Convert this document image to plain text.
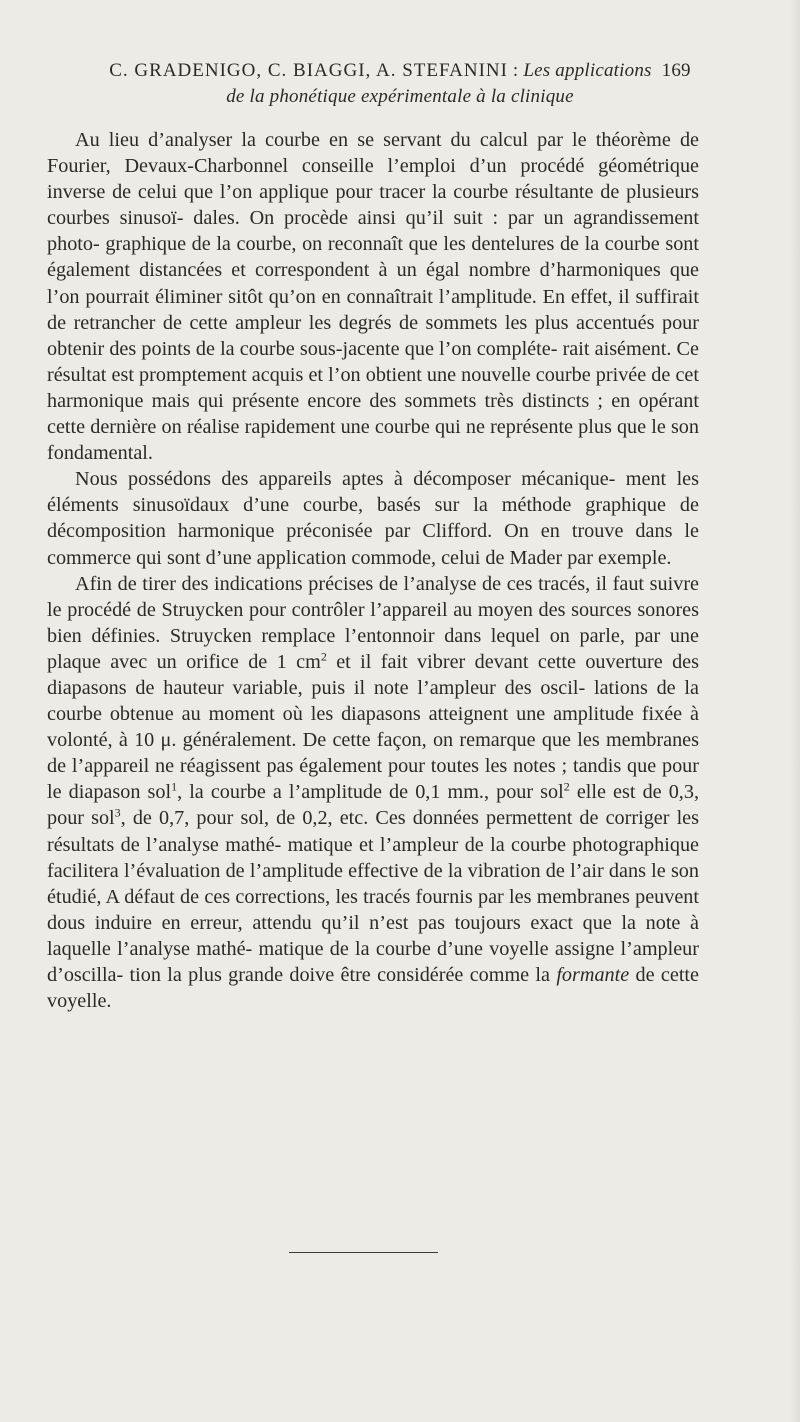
C. GRADENIGO, C. BIAGGI, A. STEFANINI : Les applications 169
de la phonétique expérimentale à la clinique

Au lieu d’analyser la courbe en se servant du calcul par le théorème de Fourier, Devaux-Charbonnel conseille l’emploi d’un procédé géométrique inverse de celui que l’on applique pour tracer la courbe résultante de plusieurs courbes sinusoï- dales. On procède ainsi qu’il suit : par un agrandissement photo- graphique de la courbe, on reconnaît que les dentelures de la courbe sont également distancées et correspondent à un égal nombre d’harmoniques que l’on pourrait éliminer sitôt qu’on en connaîtrait l’amplitude. En effet, il suffirait de retrancher de cette ampleur les degrés de sommets les plus accentués pour obtenir des points de la courbe sous-jacente que l’on compléte- rait aisément. Ce résultat est promptement acquis et l’on obtient une nouvelle courbe privée de cet harmonique mais qui présente encore des sommets très distincts ; en opérant cette dernière on réalise rapidement une courbe qui ne représente plus que le son fondamental.

Nous possédons des appareils aptes à décomposer mécanique- ment les éléments sinusoïdaux d’une courbe, basés sur la méthode graphique de décomposition harmonique préconisée par Clifford. On en trouve dans le commerce qui sont d’une application commode, celui de Mader par exemple.

Afin de tirer des indications précises de l’analyse de ces tracés, il faut suivre le procédé de Struycken pour contrôler l’appareil au moyen des sources sonores bien définies. Struycken remplace l’entonnoir dans lequel on parle, par une plaque avec un orifice de 1 $cm^2$ et il fait vibrer devant cette ouverture des diapasons de hauteur variable, puis il note l’ampleur des oscil- lations de la courbe obtenue au moment où les diapasons atteignent une amplitude fixée à volonté, à 10 μ. généralement. De cette façon, on remarque que les membranes de l’appareil ne réagissent pas également pour toutes les notes ; tandis que pour le diapason sol$^1$, la courbe a l’amplitude de 0,1 mm., pour sol$^2$ elle est de 0,3, pour sol$^3$, de 0,7, pour sol, de 0,2, etc. Ces données permettent de corriger les résultats de l’analyse mathé- matique et l’ampleur de la courbe photographique facilitera l’évaluation de l’amplitude effective de la vibration de l’air dans le son étudié, A défaut de ces corrections, les tracés fournis par les membranes peuvent dous induire en erreur, attendu qu’il n’est pas toujours exact que la note à laquelle l’analyse mathé- matique de la courbe d’une voyelle assigne l’ampleur d’oscilla- tion la plus grande doive être considérée comme la formante de cette voyelle.
